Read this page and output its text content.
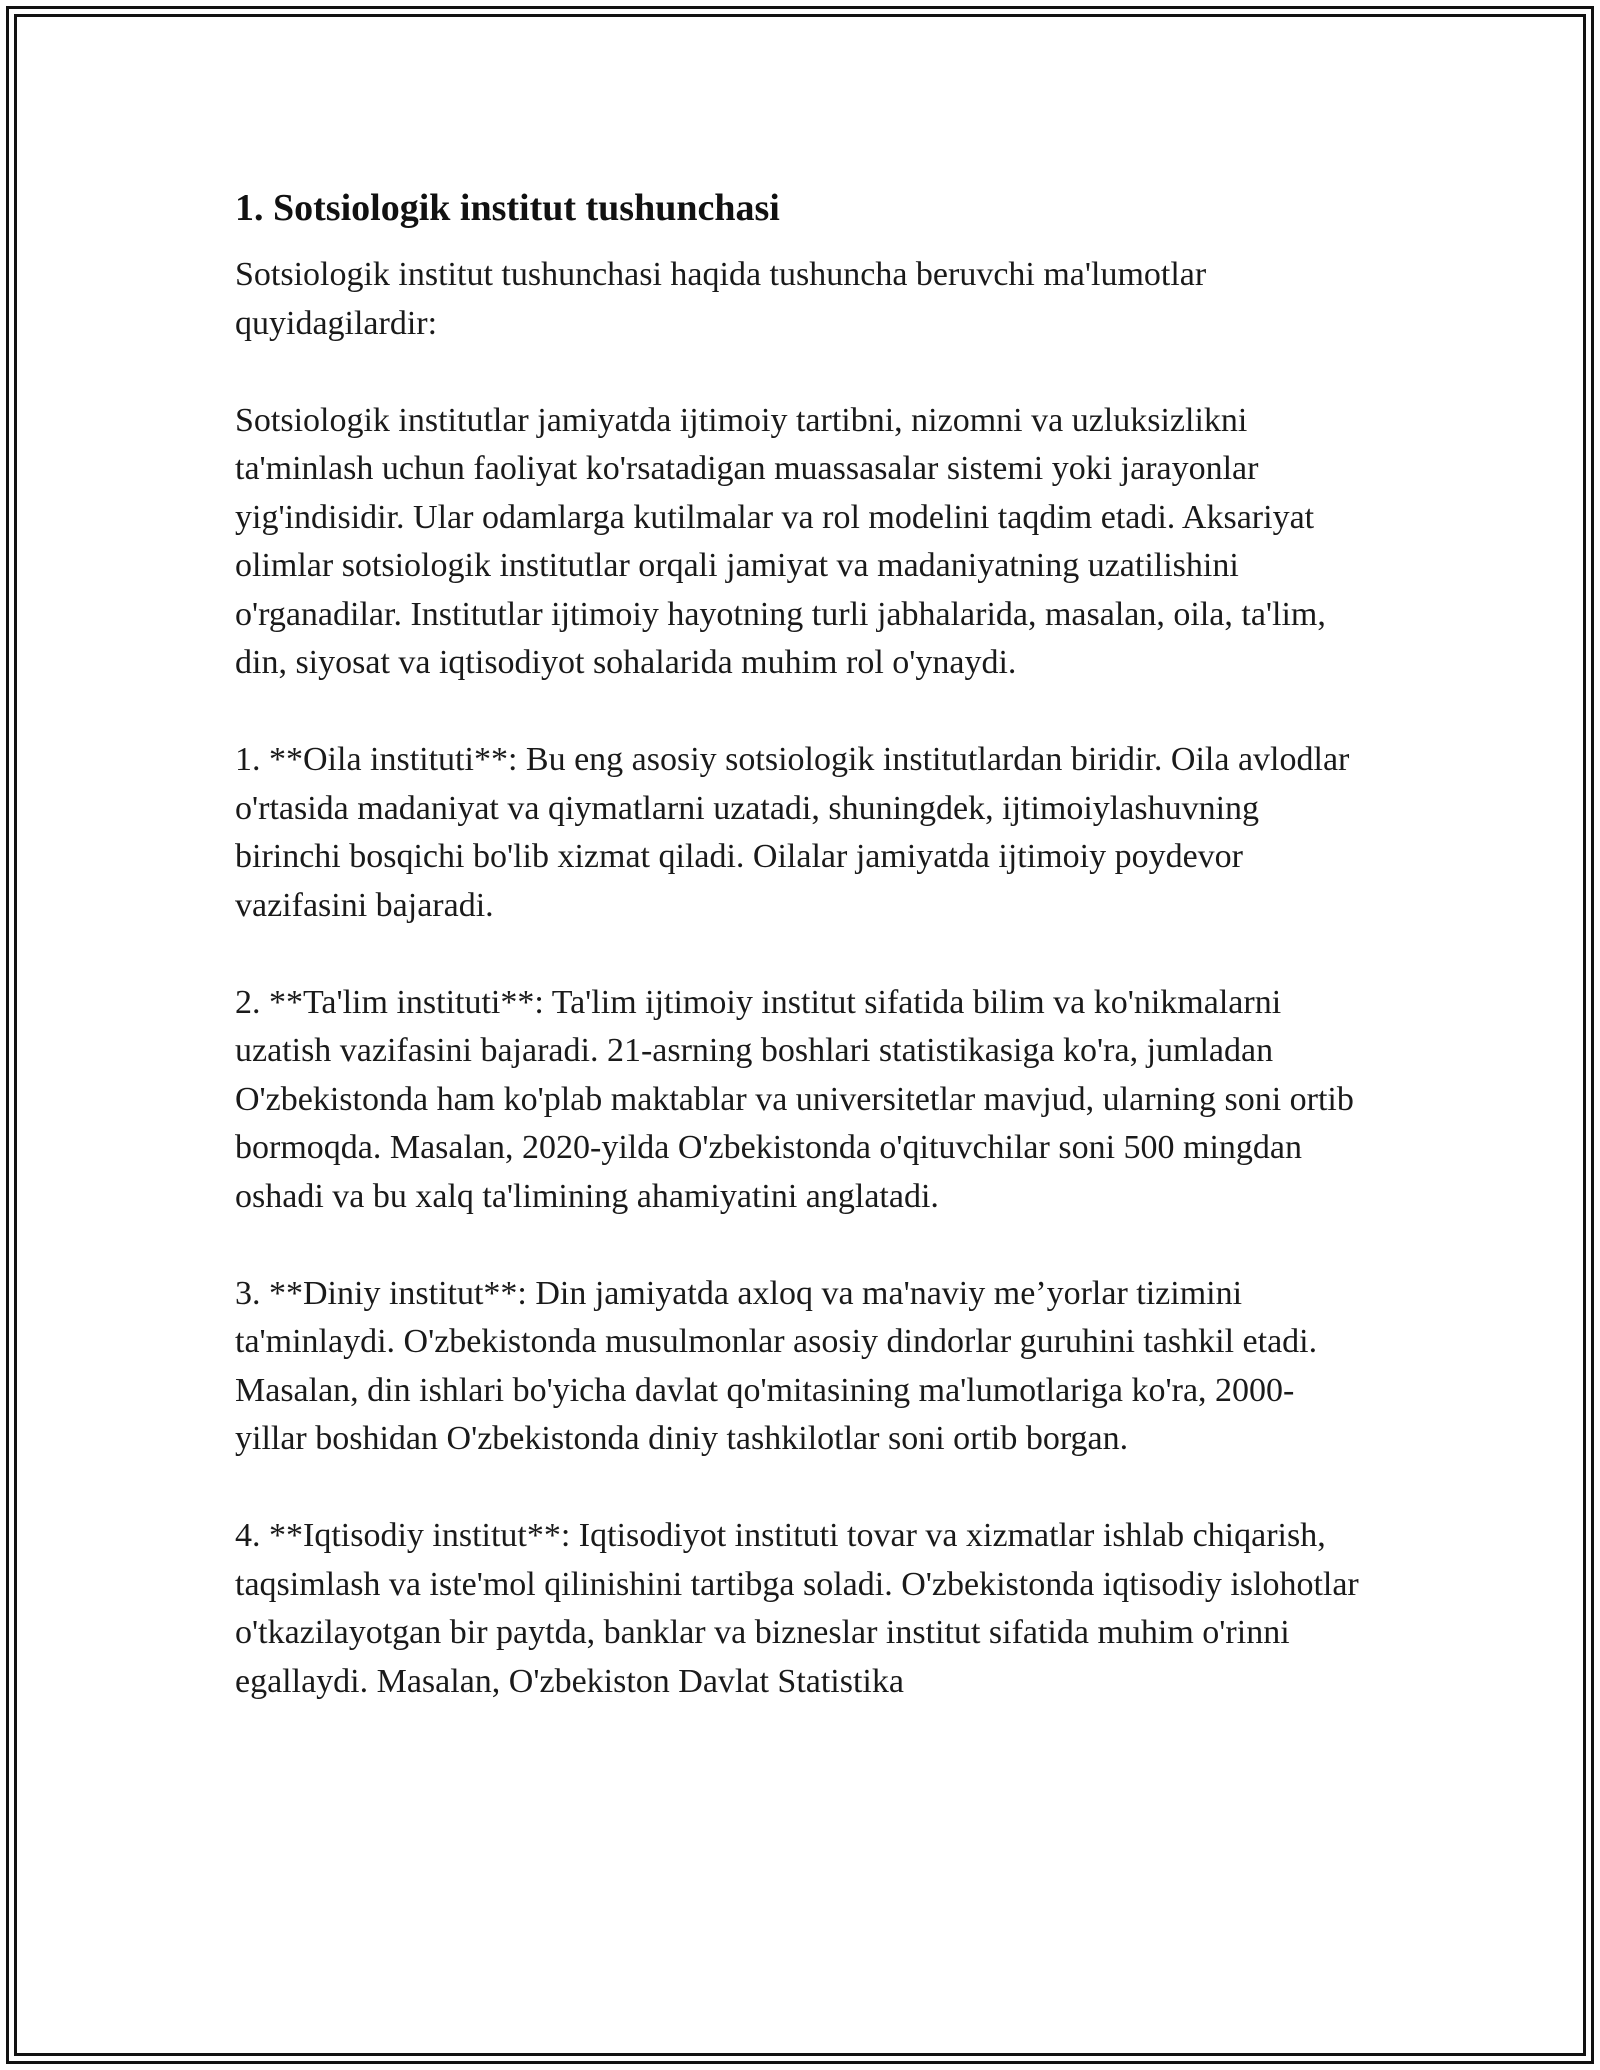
1. Sotsiologik institut tushunchasi

Sotsiologik institut tushunchasi haqida tushuncha beruvchi ma'lumotlar quyidagilardir:

Sotsiologik institutlar jamiyatda ijtimoiy tartibni, nizomni va uzluksizlikni ta'minlash uchun faoliyat ko'rsatadigan muassasalar sistemi yoki jarayonlar yig'indisidir. Ular odamlarga kutilmalar va rol modelini taqdim etadi. Aksariyat olimlar sotsiologik institutlar orqali jamiyat va madaniyatning uzatilishini o'rganadilar. Institutlar ijtimoiy hayotning turli jabhalarida, masalan, oila, ta'lim, din, siyosat va iqtisodiyot sohalarida muhim rol o'ynaydi.

1. **Oila instituti**: Bu eng asosiy sotsiologik institutlardan biridir. Oila avlodlar o'rtasida madaniyat va qiymatlarni uzatadi, shuningdek, ijtimoiylashuvning birinchi bosqichi bo'lib xizmat qiladi. Oilalar jamiyatda ijtimoiy poydevor vazifasini bajaradi.

2. **Ta'lim instituti**: Ta'lim ijtimoiy institut sifatida bilim va ko'nikmalarni uzatish vazifasini bajaradi. 21-asrning boshlari statistikasiga ko'ra, jumladan O'zbekistonda ham ko'plab maktablar va universitetlar mavjud, ularning soni ortib bormoqda. Masalan, 2020-yilda O'zbekistonda o'qituvchilar soni 500 mingdan oshadi va bu xalq ta'limining ahamiyatini anglatadi.

3. **Diniy institut**: Din jamiyatda axloq va ma'naviy me’yorlar tizimini ta'minlaydi. O'zbekistonda musulmonlar asosiy dindorlar guruhini tashkil etadi. Masalan, din ishlari bo'yicha davlat qo'mitasining ma'lumotlariga ko'ra, 2000-yillar boshidan O'zbekistonda diniy tashkilotlar soni ortib borgan.

4. **Iqtisodiy institut**: Iqtisodiyot instituti tovar va xizmatlar ishlab chiqarish, taqsimlash va iste'mol qilinishini tartibga soladi. O'zbekistonda iqtisodiy islohotlar o'tkazilayotgan bir paytda, banklar va bizneslar institut sifatida muhim o'rinni egallaydi. Masalan, O'zbekiston Davlat Statistika
